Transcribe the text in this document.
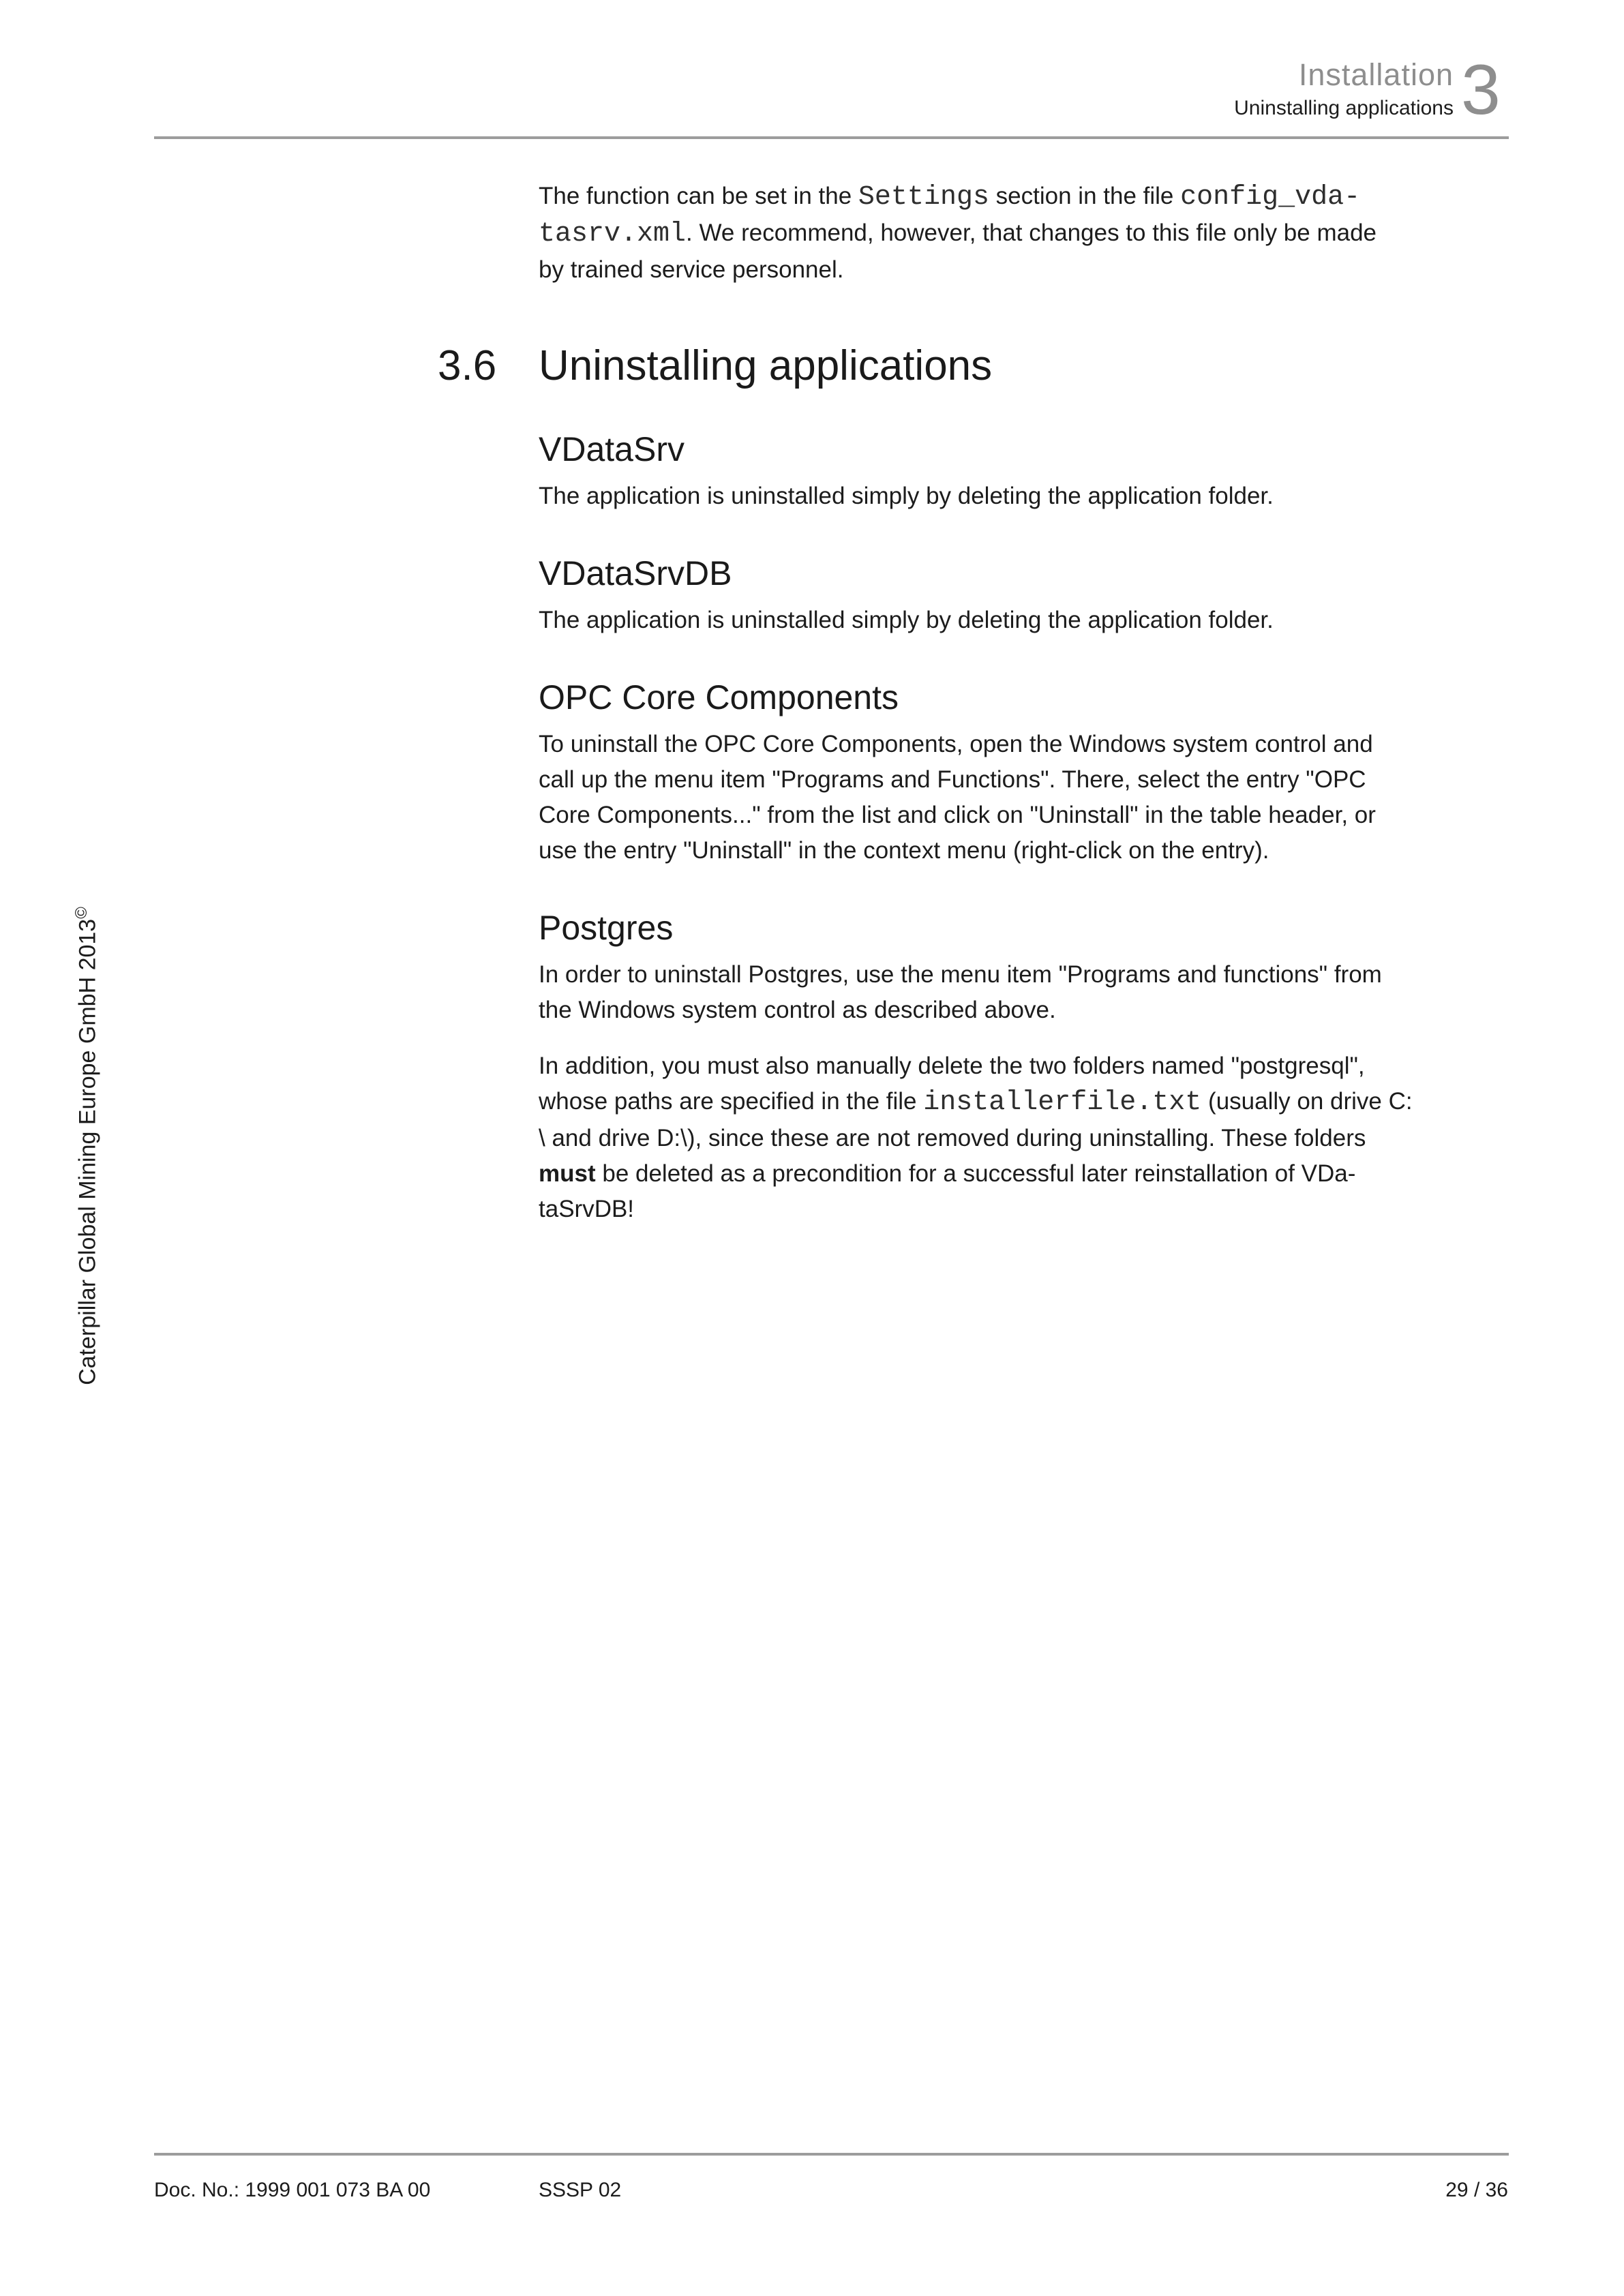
Installation
Uninstalling applications 3
The function can be set in the Settings section in the file config_vda-
tasrv.xml. We recommend, however, that changes to this file only be made
by trained service personnel.
3.6 Uninstalling applications
VDataSrv
The application is uninstalled simply by deleting the application folder.
VDataSrvDB
The application is uninstalled simply by deleting the application folder.
OPC Core Components
To uninstall the OPC Core Components, open the Windows system control and
call up the menu item "Programs and Functions". There, select the entry "OPC
Core Components..." from the list and click on "Uninstall" in the table header, or
use the entry "Uninstall" in the context menu (right-click on the entry).
Postgres
In order to uninstall Postgres, use the menu item "Programs and functions" from
the Windows system control as described above.
In addition, you must also manually delete the two folders named "postgresql",
whose paths are specified in the file installerfile.txt (usually on drive C:
\ and drive D:\), since these are not removed during uninstalling. These folders
must be deleted as a precondition for a successful later reinstallation of VDa-
taSrvDB!
Caterpillar Global Mining Europe GmbH 2013©
Doc. No.: 1999 001 073 BA 00	SSSP 02	29 / 36
